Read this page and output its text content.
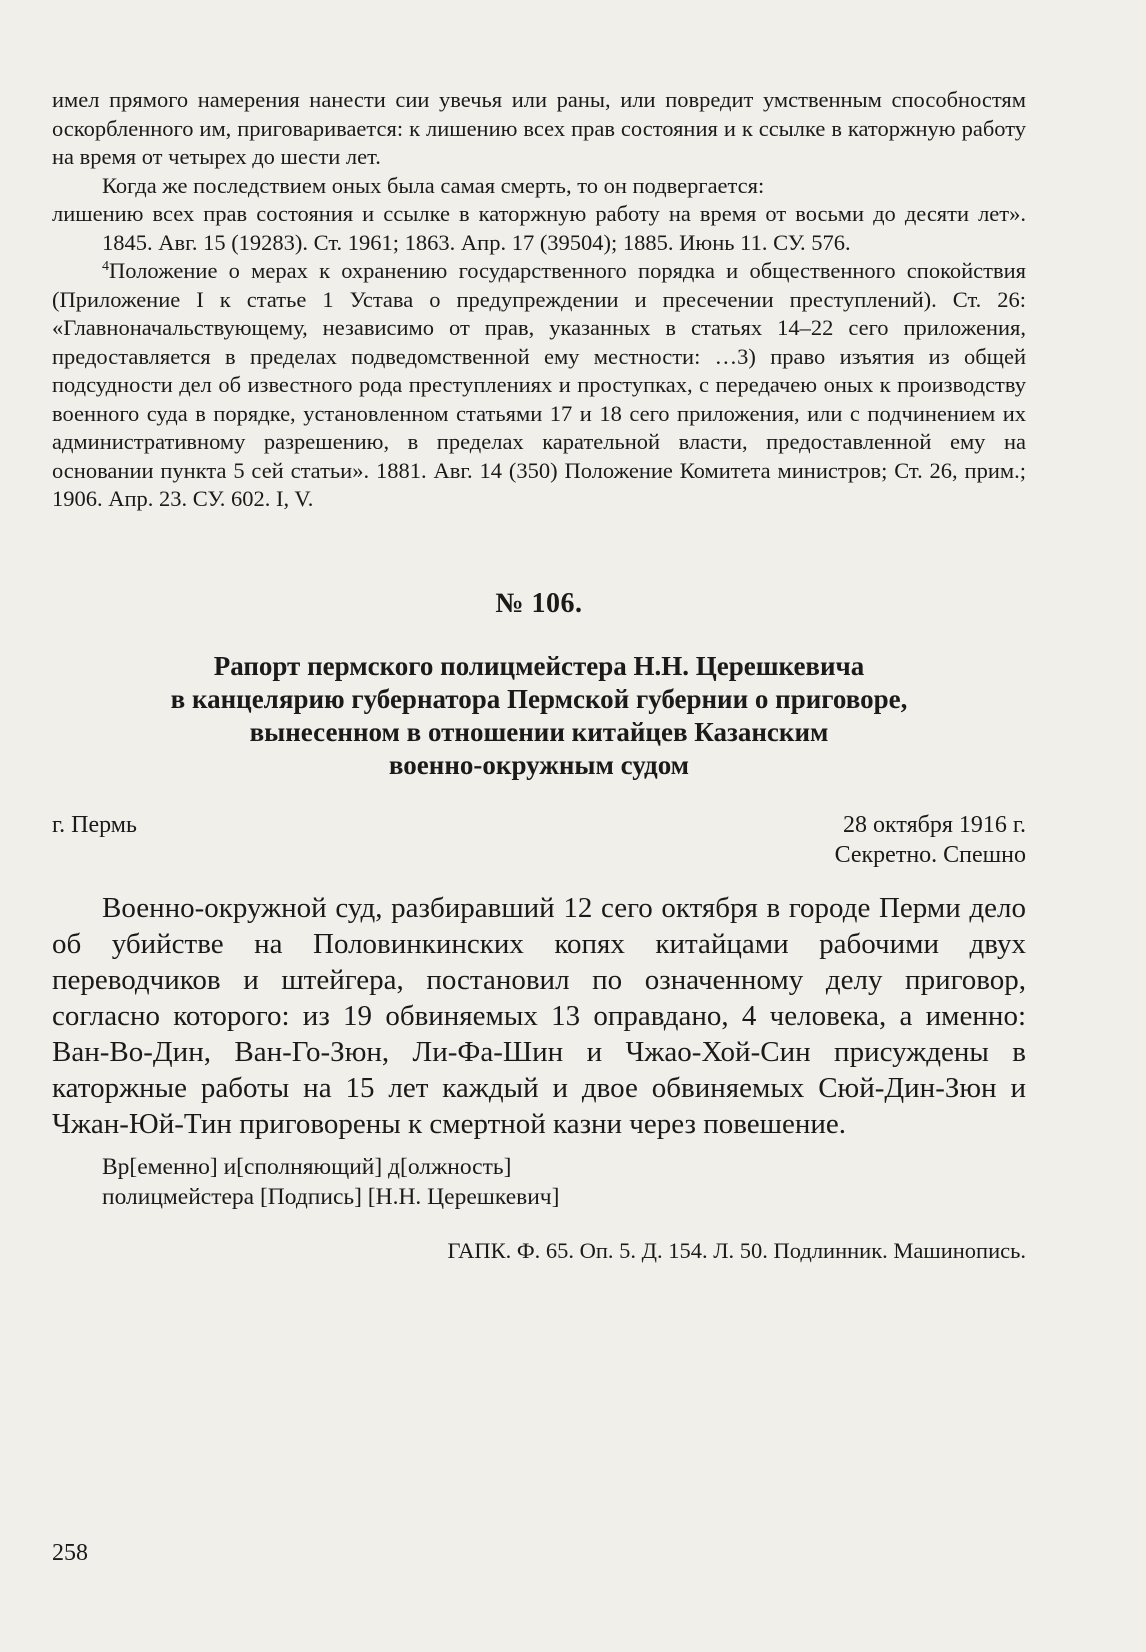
имел прямого намерения нанести сии увечья или раны, или повредит умственным способностям оскорбленного им, приговаривается: к лишению всех прав состояния и к ссылке в каторжную работу на время от четырех до шести лет.

Когда же последствием оных была самая смерть, то он подвергается:

лишению всех прав состояния и ссылке в каторжную работу на время от восьми до десяти лет». 1845. Авг. 15 (19283). Ст. 1961; 1863. Апр. 17 (39504); 1885. Июнь 11. СУ. 576.

$^4$Положение о мерах к охранению государственного порядка и общественного спокойствия (Приложение I к статье 1 Устава о предупреждении и пресечении преступлений). Ст. 26: «Главноначальствующему, независимо от прав, указанных в статьях 14–22 сего приложения, предоставляется в пределах подведомственной ему местности: …3) право изъятия из общей подсудности дел об известного рода преступлениях и проступках, с передачею оных к производству военного суда в порядке, установленном статьями 17 и 18 сего приложения, или с подчинением их административному разрешению, в пределах карательной власти, предоставленной ему на основании пункта 5 сей статьи». 1881. Авг. 14 (350) Положение Комитета министров; Ст. 26, прим.; 1906. Апр. 23. СУ. 602. I, V.

№ 106.
Рапорт пермского полицмейстера Н.Н. Церешкевича
в канцелярию губернатора Пермской губернии о приговоре,
вынесенном в отношении китайцев Казанским
военно-окружным судом
г. Пермь	28 октября 1916 г.
Секретно. Спешно

Военно-окружной суд, разбиравший 12 сего октября в городе Перми дело об убийстве на Половинкинских копях китайцами рабочими двух переводчиков и штейгера, постановил по означенному делу приговор, согласно которого: из 19 обвиняемых 13 оправдано, 4 человека, а именно: Ван-Во-Дин, Ван-Го-Зюн, Ли-Фа-Шин и Чжао-Хой-Син присуждены в каторжные работы на 15 лет каждый и двое обвиняемых Сюй-Дин-Зюн и Чжан-Юй-Тин приговорены к смертной казни через повешение.

Вр[еменно] и[сполняющий] д[олжность]
полицмейстера [Подпись] [Н.Н. Церешкевич]
ГАПК. Ф. 65. Оп. 5. Д. 154. Л. 50. Подлинник. Машинопись.
258
